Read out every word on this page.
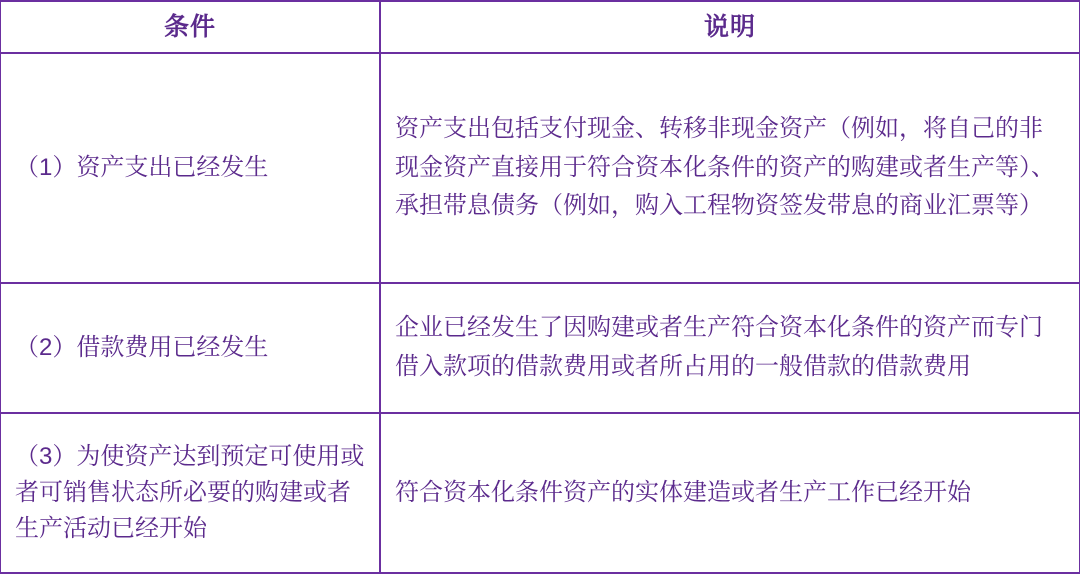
条件	说明
（1）资产支出已经发生	资产支出包括支付现金、转移非现金资产（例如，将自己的非现金资产直接用于符合资本化条件的资产的购建或者生产等）、承担带息债务（例如，购入工程物资签发带息的商业汇票等）
（2）借款费用已经发生	企业已经发生了因购建或者生产符合资本化条件的资产而专门借入款项的借款费用或者所占用的一般借款的借款费用
（3）为使资产达到预定可使用或者可销售状态所必要的购建或者生产活动已经开始	符合资本化条件资产的实体建造或者生产工作已经开始
